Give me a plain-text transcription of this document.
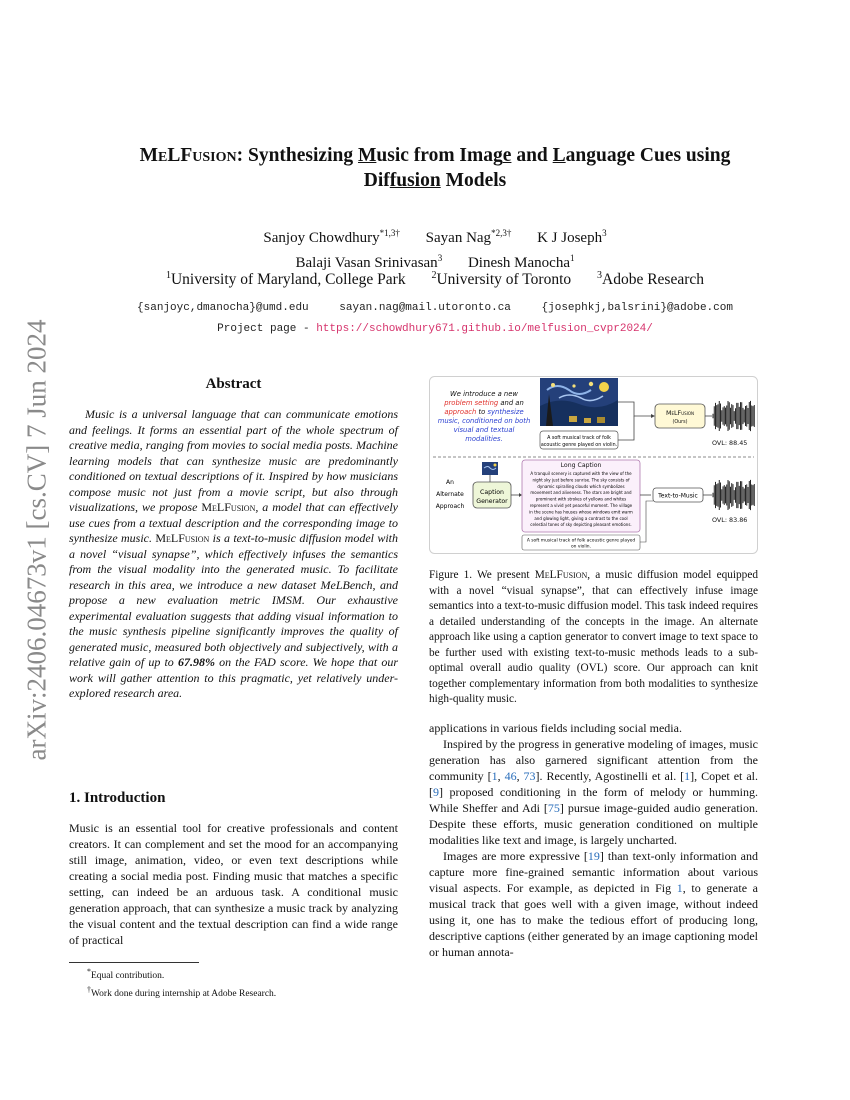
arXiv:2406.04673v1 [cs.CV] 7 Jun 2024
MeLFusion: Synthesizing Music from Image and Language Cues using
Diffusion Models
Sanjoy Chowdhury$^{*1,3\dagger}$ Sayan Nag$^{*2,3\dagger}$ K J Joseph$^3$
Balaji Vasan Srinivasan$^3$ Dinesh Manocha$^1$
$^1$University of Maryland, College Park	$^2$University of Toronto	$^3$Adobe Research
{sanjoyc,dmanocha}@umd.edu	sayan.nag@mail.utoronto.ca	{josephkj,balsrini}@adobe.com
Project page - https://schowdhury671.github.io/melfusion_cvpr2024/
Abstract

Music is a universal language that can communicate emotions and feelings. It forms an essential part of the whole spectrum of creative media, ranging from movies to social media posts. Machine learning models that can synthesize music are predominantly conditioned on textual descriptions of it. Inspired by how musicians compose music not just from a movie script, but also through visualizations, we propose MeLFusion, a model that can effectively use cues from a textual description and the corresponding image to synthesize music. MeLFusion is a text-to-music diffusion model with a novel “visual synapse”, which effectively infuses the semantics from the visual modality into the generated music. To facilitate research in this area, we introduce a new dataset MeLBench, and propose a new evaluation metric IMSM. Our exhaustive experimental evaluation suggests that adding visual information to the music synthesis pipeline significantly improves the quality of generated music, measured both objectively and subjectively, with a relative gain of up to 67.98% on the FAD score. We hope that our work will gather attention to this pragmatic, yet relatively under-explored research area.

1. Introduction

Music is an essential tool for creative professionals and content creators. It can complement and set the mood for an accompanying still image, animation, video, or even text descriptions while creating a social media post. Finding music that matches a specific setting, can indeed be an arduous task. A conditional music generation approach, that can synthesize a music track by analyzing the visual content and the textual description can find a wide range of practical

*Equal contribution.
†Work done during internship at Adobe Research.
We introduce a new
problem setting and an
approach to synthesize
music, conditioned on both
visual and textual
modalities.	A soft musical track of folk
acoustic genre played on violin.
MeLFusion
(Ours)
OVL: 88.45
An
Alternate
Approach
Caption
Generator
Long Caption
A tranquil scenery is captured with the view of the
night sky just before sunrise. The sky consists of
dynamic spiralling clouds which symbolizes
movement and aliveness. The stars are bright and
prominent with strokes of yellows and whites
represent a vivid yet peaceful moment. The village
in the scene has houses whose windows emit warm
and glowing light, giving a contrast to the cool
celestial tones of sky depicting pleasant emotions.
Text-to-Music
OVL: 83.86
A soft musical track of folk acoustic genre played
on violin.

Figure 1. We present MeLFusion, a music diffusion model equipped with a novel “visual synapse”, that can effectively infuse image semantics into a text-to-music diffusion model. This task indeed requires a detailed understanding of the concepts in the image. An alternate approach like using a caption generator to convert image to text space to be further used with existing text-to-music methods leads to a sub-optimal overall audio quality (OVL) score. Our approach can knit together complementary information from both modalities to synthesize high-quality music.

applications in various fields including social media.

Inspired by the progress in generative modeling of images, music generation has also garnered significant attention from the community [1, 46, 73]. Recently, Agostinelli et al. [1], Copet et al. [9] proposed conditioning in the form of melody or humming. While Sheffer and Adi [75] pursue image-guided audio generation. Despite these efforts, music generation conditioned on multiple modalities like text and image, is largely uncharted.

Images are more expressive [19] than text-only information and capture more fine-grained semantic information about various visual aspects. For example, as depicted in Fig 1, to generate a musical track that goes well with a given image, without indeed using it, one has to make the tedious effort of producing long, descriptive captions (either generated by an image captioning model or human annota-
